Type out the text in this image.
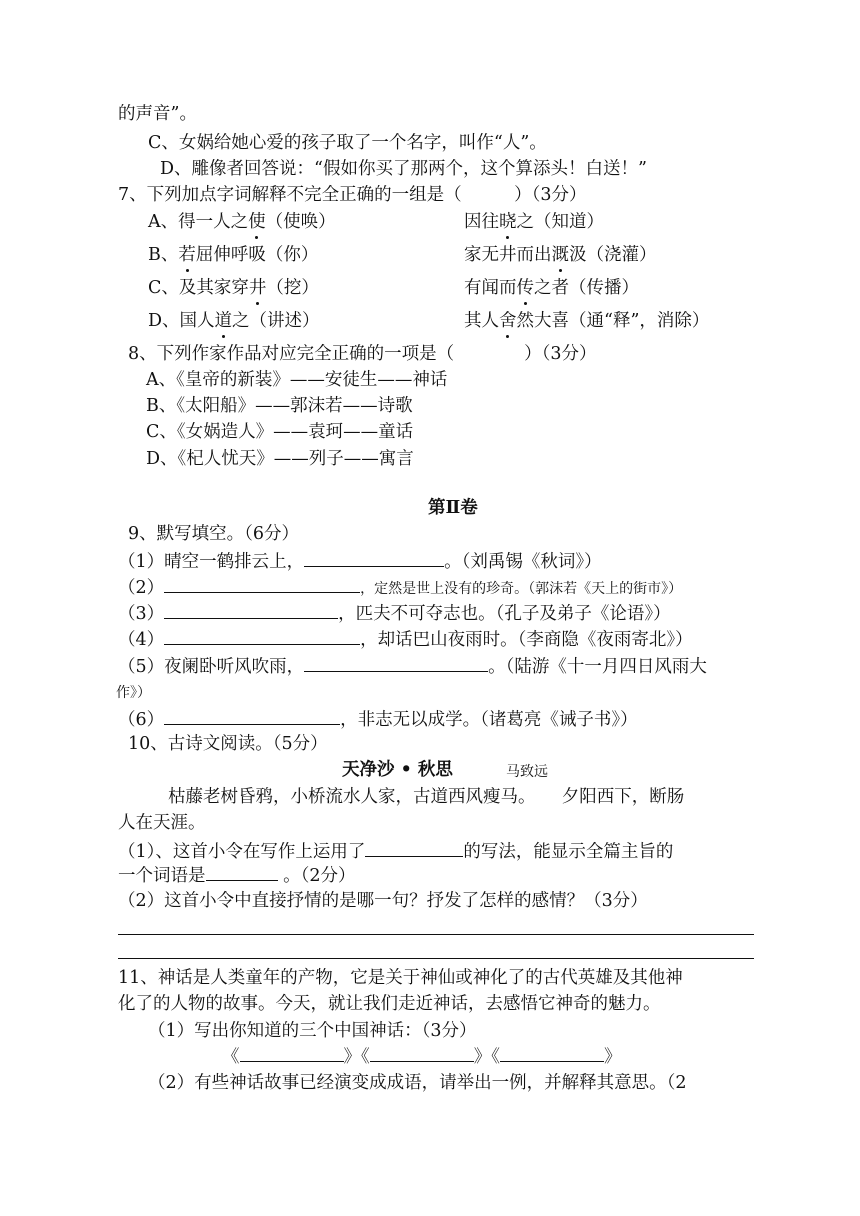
的声音”。
C、女娲给她心爱的孩子取了一个名字，叫作“人”。
D、雕像者回答说：“假如你买了那两个，这个算添头！白送！”
7、下列加点字词解释不完全正确的一组是（　　　）（3分）
A、得一人之使（使唤）	因往晓之（知道）
B、若屈伸呼吸（你）	家无井而出溉汲（浇灌）
C、及其家穿井（挖）	有闻而传之者（传播）
D、国人道之（讲述）	其人舍然大喜（通“释”，消除）
8、下列作家作品对应完全正确的一项是（　　　　）（3分）
A、《皇帝的新装》——安徒生——神话
B、《太阳船》——郭沫若——诗歌
C、《女娲造人》——袁珂——童话
D、《杞人忧天》——列子——寓言
第Ⅱ卷
9、默写填空。（6分）
（1）晴空一鹤排云上，	。（刘禹锡《秋词》）
（2）	，定然是世上没有的珍奇。（郭沫若《天上的街市》）
（3）	，匹夫不可夺志也。（孔子及弟子《论语》）
（4）	，却话巴山夜雨时。（李商隐《夜雨寄北》）
（5）夜阑卧听风吹雨，	。（陆游《十一月四日风雨大
作》）
（6）	，非志无以成学。（诸葛亮《诫子书》）
10、古诗文阅读。（5分）
天净沙 • 秋思	马致远
枯藤老树昏鸦，小桥流水人家，古道西风瘦马。　　夕阳西下，断肠
人在天涯。
（1）、这首小令在写作上运用了	的写法，能显示全篇主旨的
一个词语是	。（2分）
（2）这首小令中直接抒情的是哪一句？抒发了怎样的感情？（3分）
11、神话是人类童年的产物，它是关于神仙或神化了的古代英雄及其他神
化了的人物的故事。今天，就让我们走近神话，去感悟它神奇的魅力。
（1）写出你知道的三个中国神话：（3分）
《	》《	》《	》
（2）有些神话故事已经演变成成语，请举出一例，并解释其意思。（2
